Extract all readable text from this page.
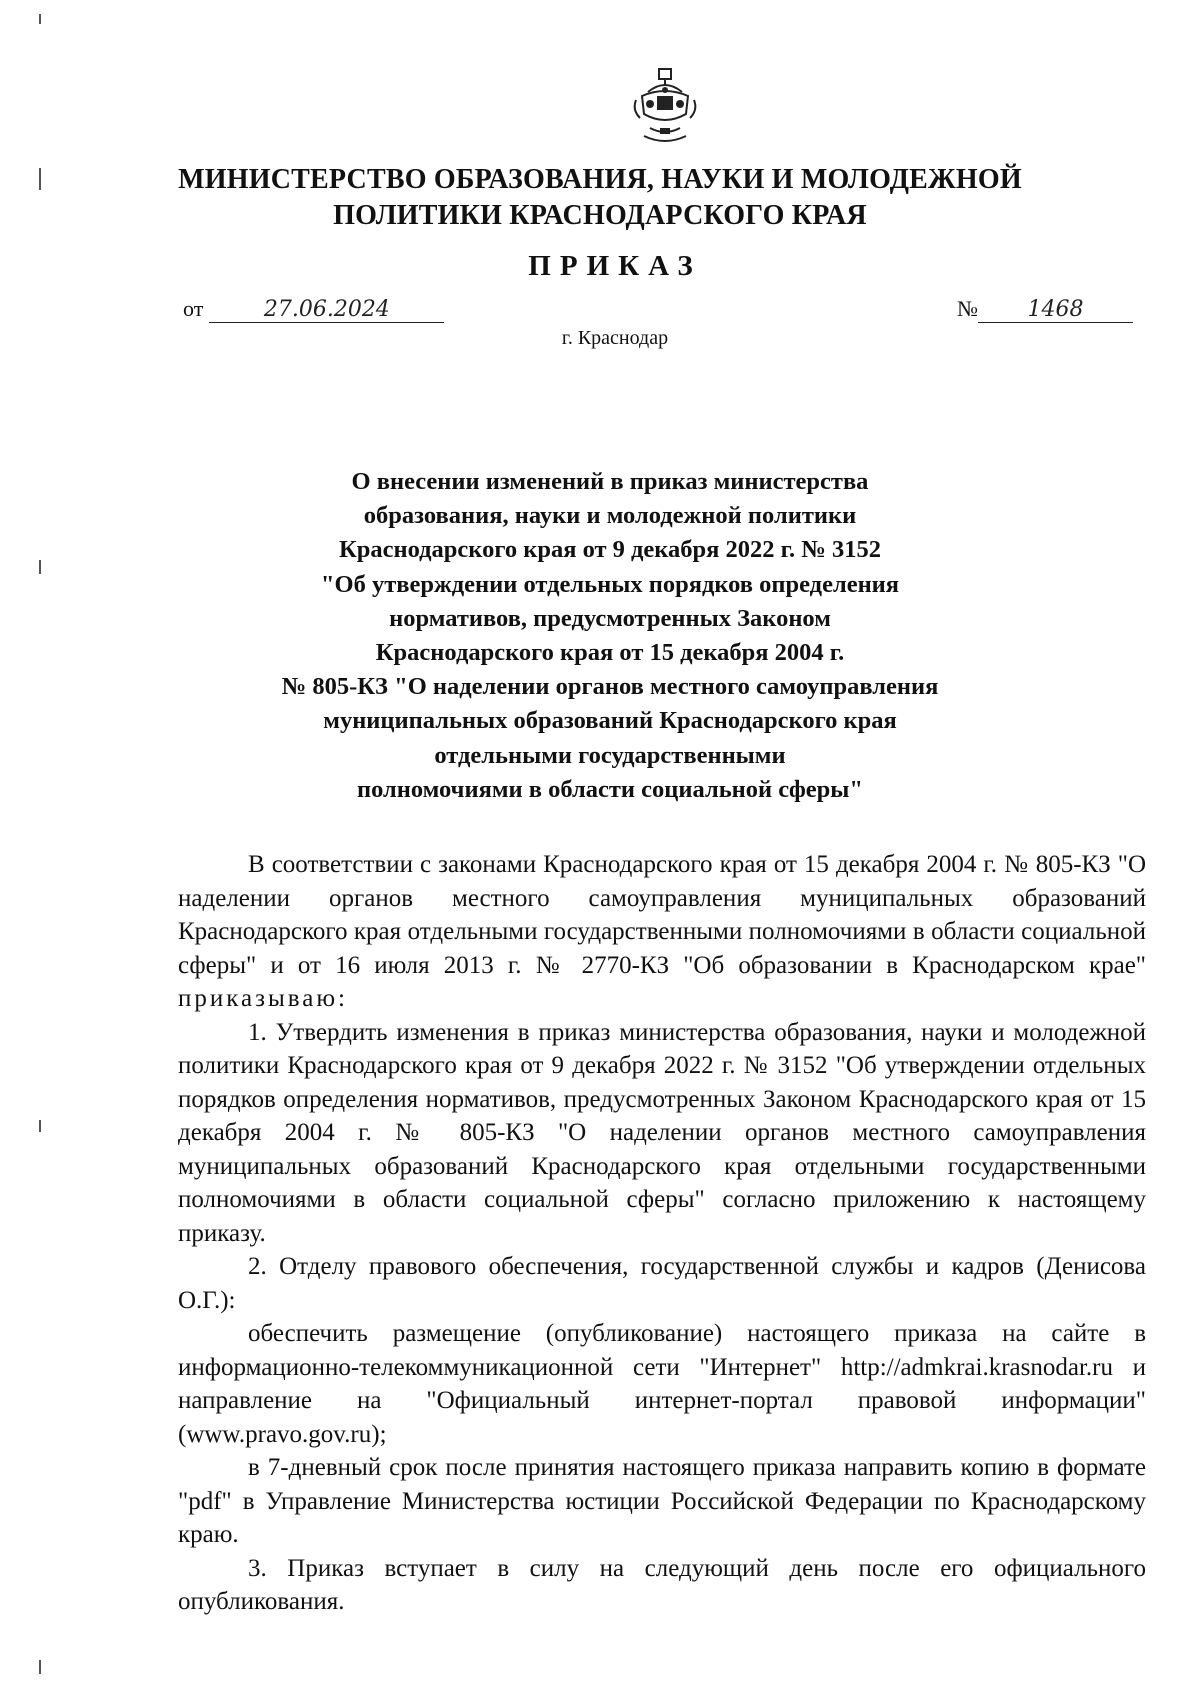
МИНИСТЕРСТВО ОБРАЗОВАНИЯ, НАУКИ И МОЛОДЕЖНОЙ
ПОЛИТИКИ КРАСНОДАРСКОГО КРАЯ
ПРИКАЗ
от	27.06.2024	№ 1468
г. Краснодар
О внесении изменений в приказ министерства
образования, науки и молодежной политики
Краснодарского края от 9 декабря 2022 г. № 3152
"Об утверждении отдельных порядков определения
нормативов, предусмотренных Законом
Краснодарского края от 15 декабря 2004 г.
№ 805-КЗ "О наделении органов местного самоуправления
муниципальных образований Краснодарского края
отдельными государственными
полномочиями в области социальной сферы"

В соответствии с законами Краснодарского края от 15 декабря 2004 г. № 805-КЗ "О наделении органов местного самоуправления муниципальных образований Краснодарского края отдельными государственными полномочиями в области социальной сферы" и от 16 июля 2013 г. № 2770-КЗ "Об образовании в Краснодарском крае" приказываю:

1. Утвердить изменения в приказ министерства образования, науки и молодежной политики Краснодарского края от 9 декабря 2022 г. № 3152 "Об утверждении отдельных порядков определения нормативов, предусмотренных Законом Краснодарского края от 15 декабря 2004 г. № 805-КЗ "О наделении органов местного самоуправления муниципальных образований Краснодарского края отдельными государственными полномочиями в области социальной сферы" согласно приложению к настоящему приказу.

2. Отделу правового обеспечения, государственной службы и кадров (Денисова О.Г.):

обеспечить размещение (опубликование) настоящего приказа на сайте в информационно-телекоммуникационной сети "Интернет" http://admkrai.krasnodar.ru и направление на "Официальный интернет-портал правовой информации" (www.pravo.gov.ru);

в 7-дневный срок после принятия настоящего приказа направить копию в формате "pdf" в Управление Министерства юстиции Российской Федерации по Краснодарскому краю.

3. Приказ вступает в силу на следующий день после его официального опубликования.
